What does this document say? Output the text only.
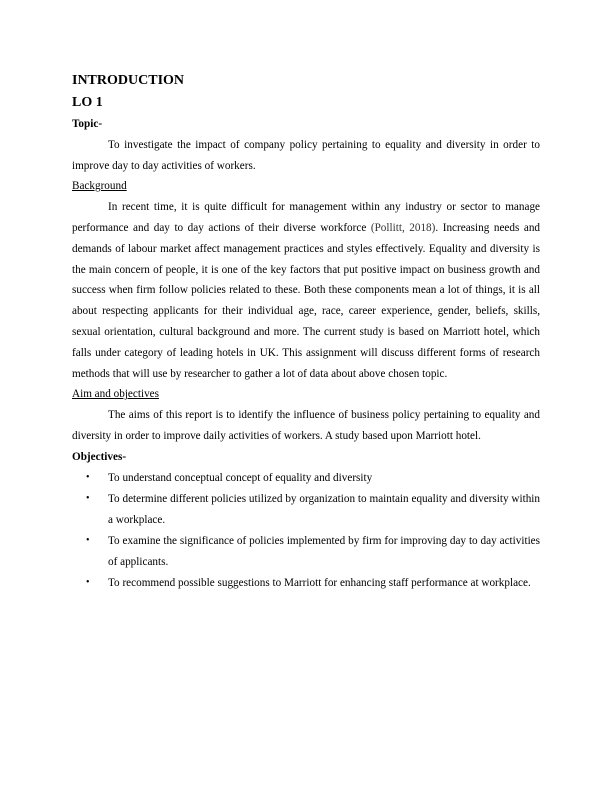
INTRODUCTION

LO 1

Topic-

To investigate the impact of company policy pertaining to equality and diversity in order to improve day to day activities of workers.

Background

In recent time, it is quite difficult for management within any industry or sector to manage performance and day to day actions of their diverse workforce (Pollitt, 2018). Increasing needs and demands of labour market affect management practices and styles effectively. Equality and diversity is the main concern of people, it is one of the key factors that put positive impact on business growth and success when firm follow policies related to these. Both these components mean a lot of things, it is all about respecting applicants for their individual age, race, career experience, gender, beliefs, skills, sexual orientation, cultural background and more. The current study is based on Marriott hotel, which falls under category of leading hotels in UK. This assignment will discuss different forms of research methods that will use by researcher to gather a lot of data about above chosen topic.

Aim and objectives

The aims of this report is to identify the influence of business policy pertaining to equality and diversity in order to improve daily activities of workers. A study based upon Marriott hotel.

Objectives-

• To understand conceptual concept of equality and diversity
• To determine different policies utilized by organization to maintain equality and diversity within a workplace.
• To examine the significance of policies implemented by firm for improving day to day activities of applicants.
• To recommend possible suggestions to Marriott for enhancing staff performance at workplace.
